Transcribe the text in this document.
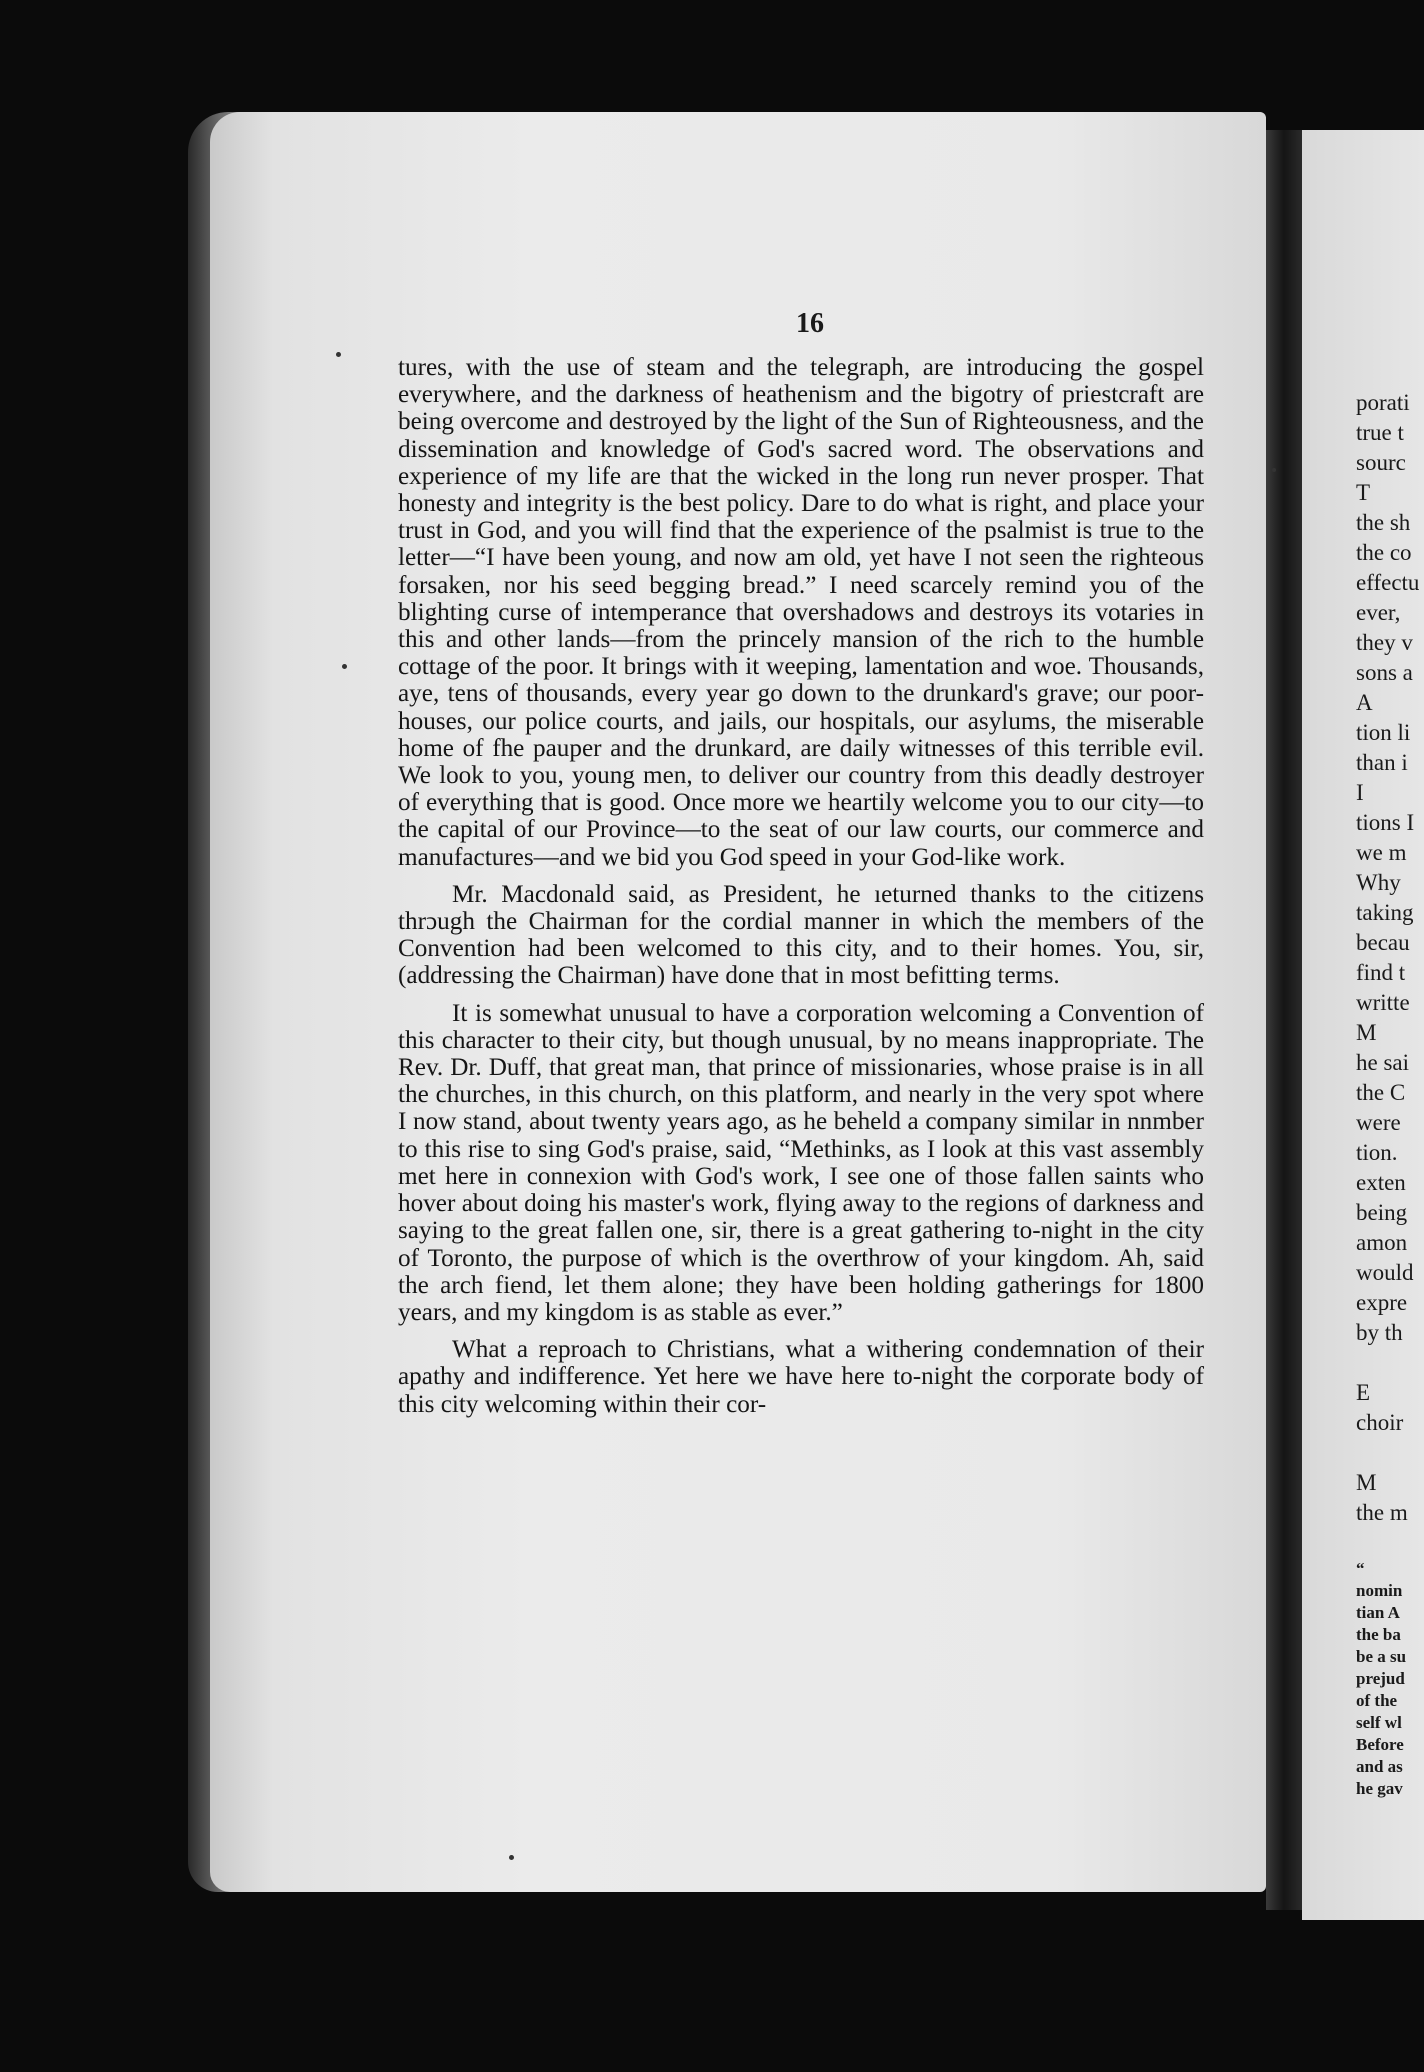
16

tures, with the use of steam and the telegraph, are introducing the gospel everywhere, and the darkness of heathenism and the bigotry of priestcraft are being overcome and destroyed by the light of the Sun of Righteousness, and the dissemination and knowledge of God's sacred word. The observations and experience of my life are that the wicked in the long run never prosper. That honesty and integrity is the best policy. Dare to do what is right, and place your trust in God, and you will find that the experience of the psalmist is true to the letter—“I have been young, and now am old, yet have I not seen the righteous forsaken, nor his seed begging bread.” I need scarcely remind you of the blighting curse of intemperance that overshadows and destroys its votaries in this and other lands—from the princely mansion of the rich to the humble cottage of the poor. It brings with it weeping, lamentation and woe. Thousands, aye, tens of thousands, every year go down to the drunkard's grave; our poor-houses, our police courts, and jails, our hospitals, our asylums, the miserable home of fhe pauper and the drunkard, are daily witnesses of this terrible evil. We look to you, young men, to deliver our country from this deadly destroyer of everything that is good. Once more we heartily welcome you to our city—to the capital of our Province—to the seat of our law courts, our commerce and manufactures—and we bid you God speed in your God-like work.

Mr. Macdonald said, as President, he ıeturned thanks to the citizens thrɔugh the Chairman for the cordial manner in which the members of the Convention had been welcomed to this city, and to their homes. You, sir, (addressing the Chairman) have done that in most befitting terms.

It is somewhat unusual to have a corporation welcoming a Convention of this character to their city, but though unusual, by no means inappropriate. The Rev. Dr. Duff, that great man, that prince of missionaries, whose praise is in all the churches, in this church, on this platform, and nearly in the very spot where I now stand, about twenty years ago, as he beheld a company similar in nnmber to this rise to sing God's praise, said, “Methinks, as I look at this vast assembly met here in connexion with God's work, I see one of those fallen saints who hover about doing his master's work, flying away to the regions of darkness and saying to the great fallen one, sir, there is a great gathering to-night in the city of Toronto, the purpose of which is the overthrow of your kingdom. Ah, said the arch fiend, let them alone; they have been holding gatherings for 1800 years, and my kingdom is as stable as ever.”

What a reproach to Christians, what a withering condemnation of their apathy and indifference. Yet here we have here to-night the corporate body of this city welcoming within their cor-

porati
true t
sourc
T
the sh
the co
effectu
ever,
they v
sons a
A
tion li
than i
I
tions I
we m
Why
taking
becau
find t
writte
M
he sai
the C
were
tion.
exten
being
amon
would
expre
by th
E
choir
M
the m
“
nomin
tian A
the ba
be a su
prejud
of the
self wl
Before
and as
he gav
